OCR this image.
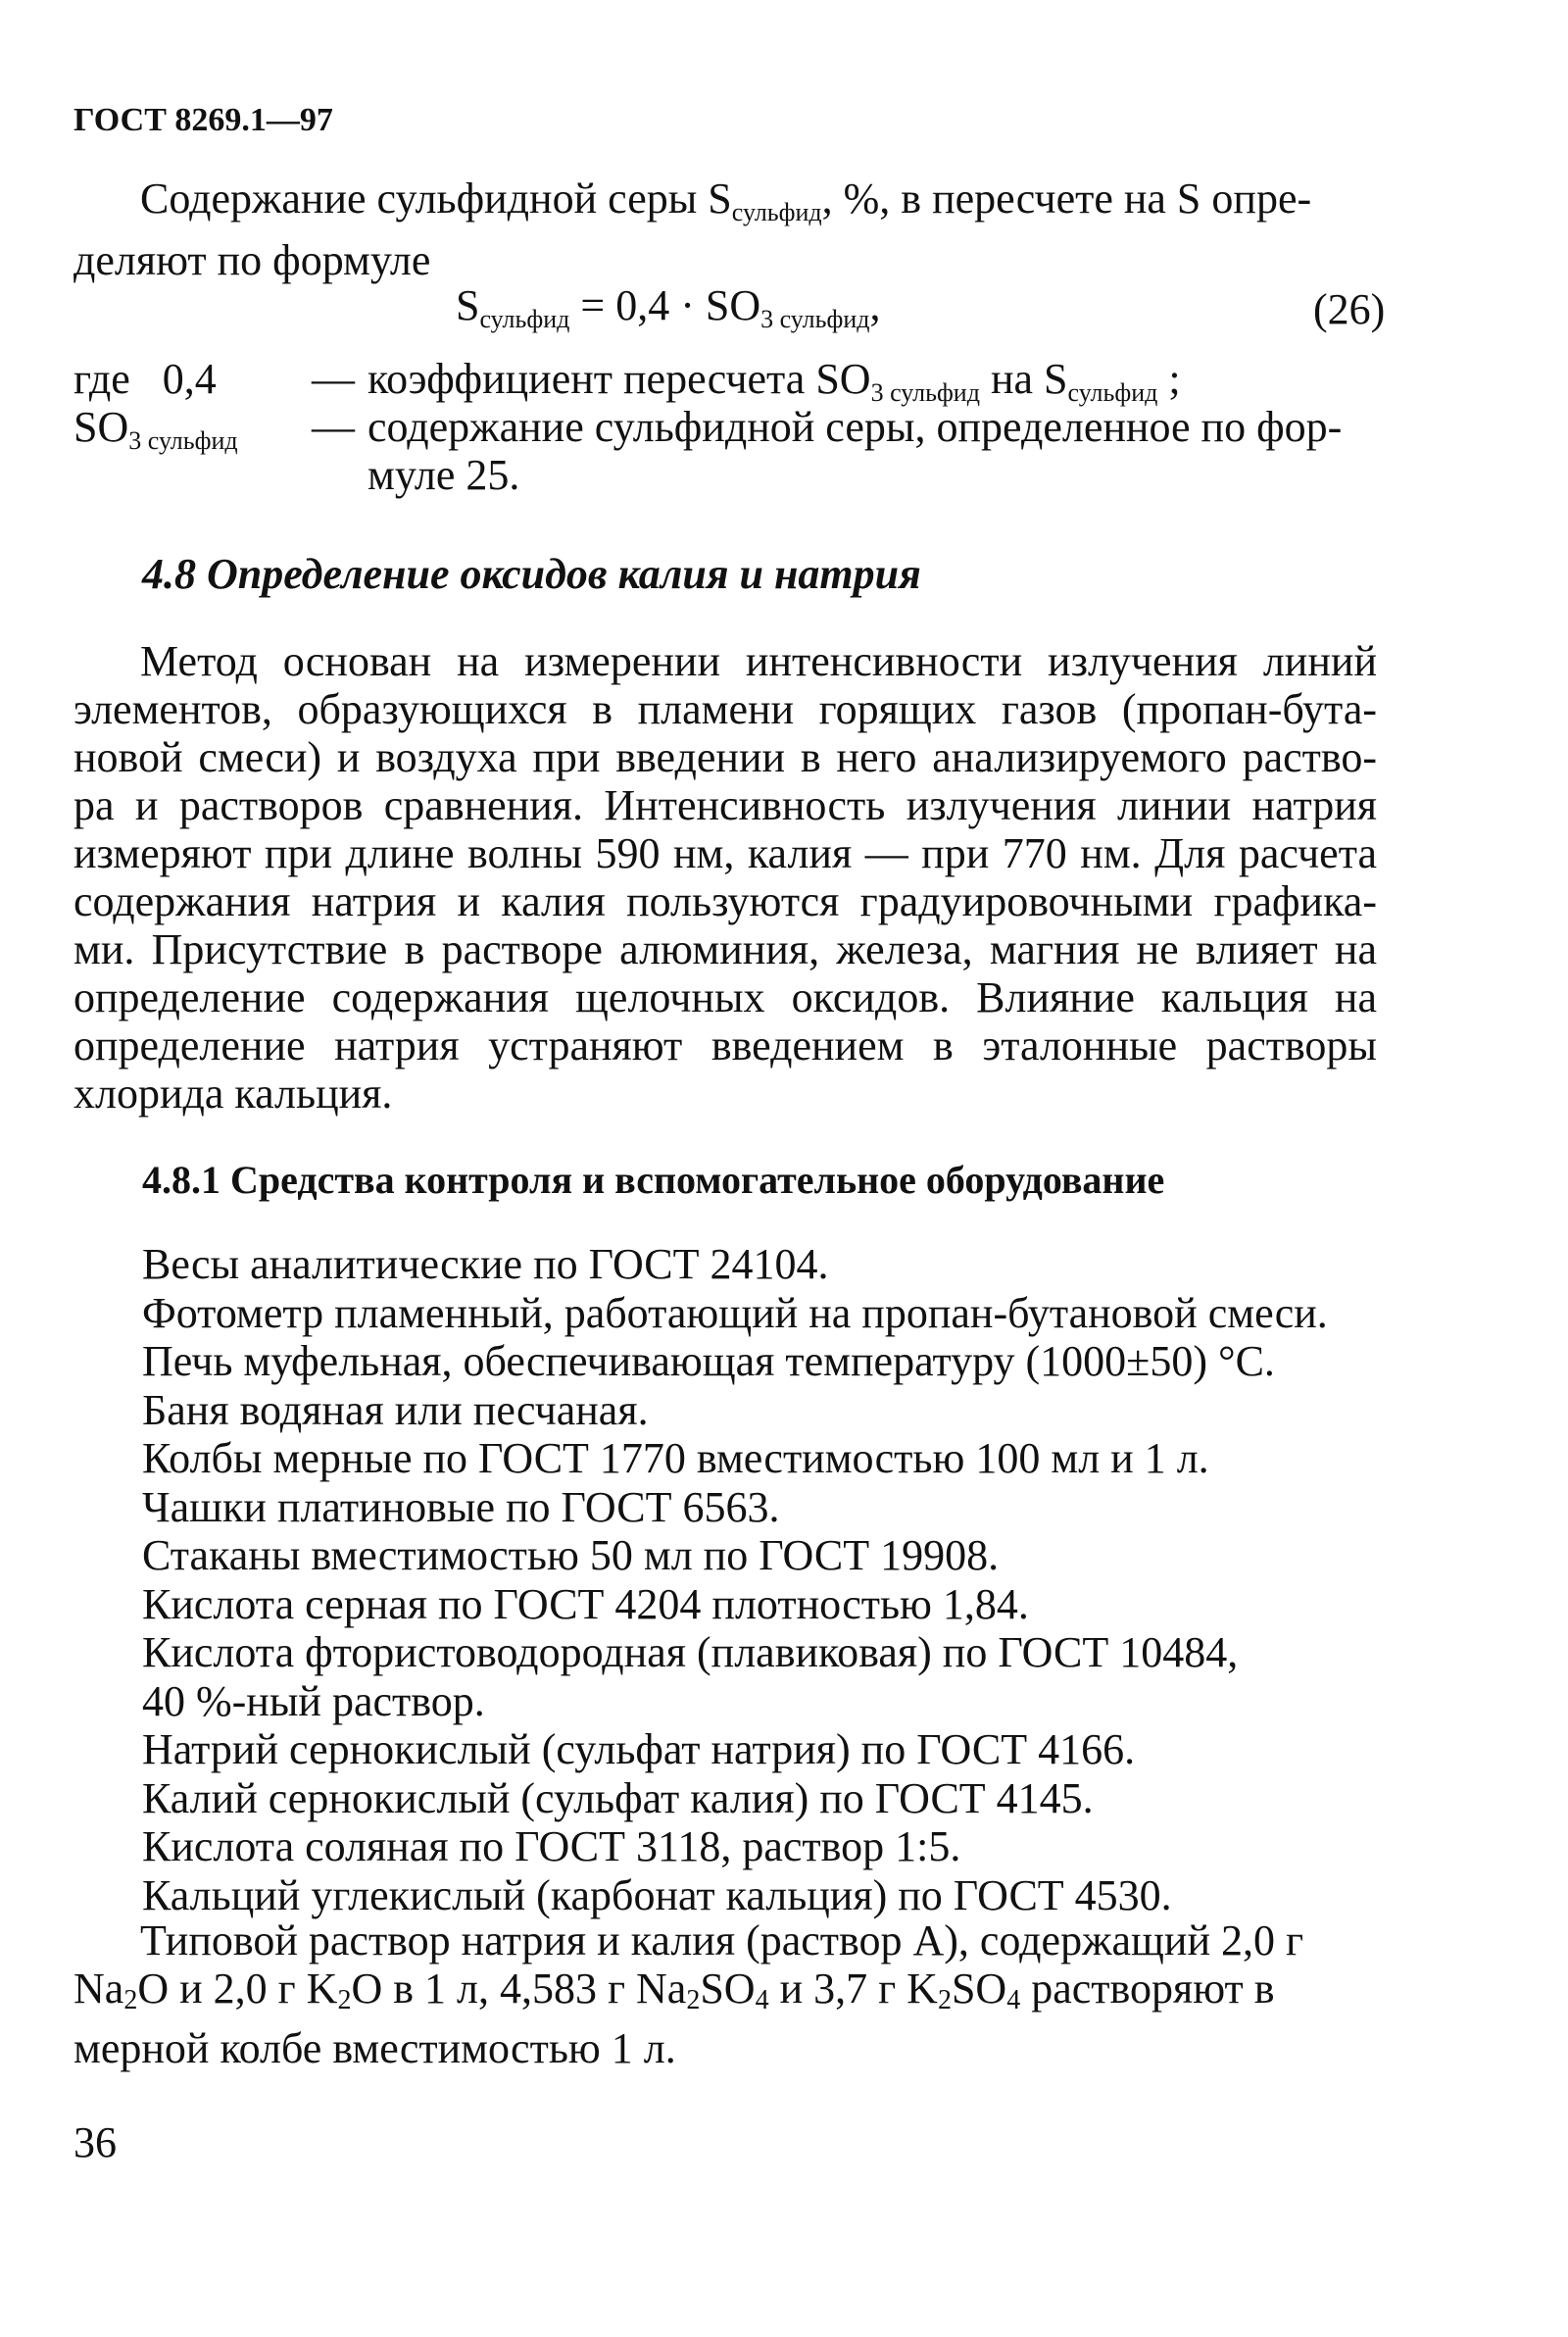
ГОСТ 8269.1—97
Содержание сульфидной серы $S_{сульфид}$, %, в пересчете на S опре-
деляют по формуле
$S_{сульфид} = 0,4 \cdot SO_{3 сульфид}$,	(26)
где   0,4 — коэффициент пересчета $SO_{3 сульфид}$ на $S_{сульфид}$ ;
$SO_{3 сульфид}$ — содержание сульфидной серы, определенное по фор-
муле 25.
4.8 Определение оксидов калия и натрия
Метод основан на измерении интенсивности излучения линий
элементов, образующихся в пламени горящих газов (пропан-бута-
новой смеси) и воздуха при введении в него анализируемого раство-
ра и растворов сравнения. Интенсивность излучения линии натрия
измеряют при длине волны 590 нм, калия — при 770 нм. Для расчета
содержания натрия и калия пользуются градуировочными графика-
ми. Присутствие в растворе алюминия, железа, магния не влияет на
определение содержания щелочных оксидов. Влияние кальция на
определение натрия устраняют введением в эталонные растворы
хлорида кальция.
4.8.1 Средства контроля и вспомогательное оборудование
Весы аналитические по ГОСТ 24104.
Фотометр пламенный, работающий на пропан-бутановой смеси.
Печь муфельная, обеспечивающая температуру (1000±50) °С.
Баня водяная или песчаная.
Колбы мерные по ГОСТ 1770 вместимостью 100 мл и 1 л.
Чашки платиновые по ГОСТ 6563.
Стаканы вместимостью 50 мл по ГОСТ 19908.
Кислота серная по ГОСТ 4204 плотностью 1,84.
Кислота фтористоводородная (плавиковая) по ГОСТ 10484,
40 %-ный раствор.
Натрий сернокислый (сульфат натрия) по ГОСТ 4166.
Калий сернокислый (сульфат калия) по ГОСТ 4145.
Кислота соляная по ГОСТ 3118, раствор 1:5.
Кальций углекислый (карбонат кальция) по ГОСТ 4530.
Типовой раствор натрия и калия (раствор А), содержащий 2,0 г
Na2O и 2,0 г K2O в 1 л, 4,583 г Na2SO4 и 3,7 г K2SO4 растворяют в
мерной колбе вместимостью 1 л.
36
